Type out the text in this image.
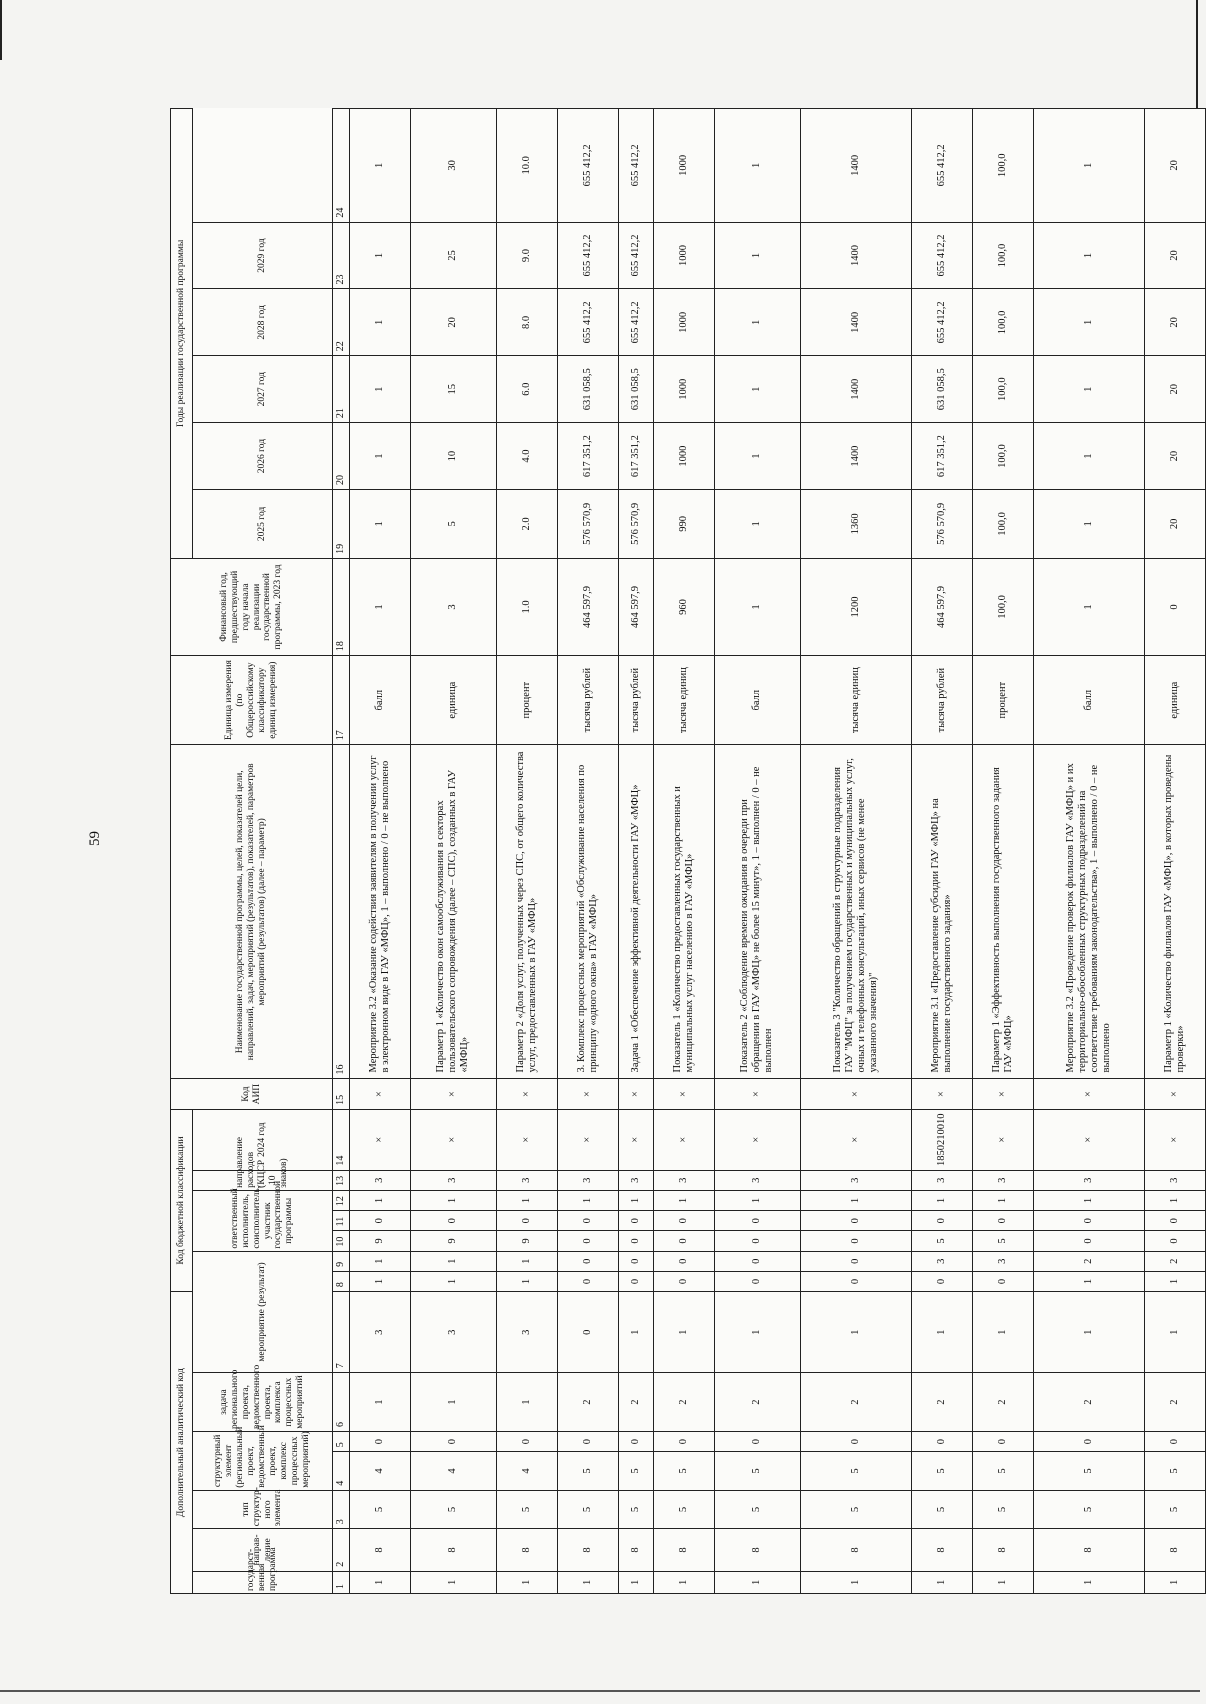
59
Дополнительный аналитический код							Код бюджетной классификации							Код АИП	Наименование государственной программы, целей, показателей цели, направлений, задач, мероприятий (результатов), показателей, параметров мероприятий (результатов) (далее – параметр)	Единица измерения (по Общероссийскому классификатору единиц измерения)	Финансовый год, предшествующий году начала реализации государственной программы, 2023 год	Годы реализации государственной программы					
государст-венная программа	направ-ление	тип структур-ного элемента	структурный элемент (региональный проект, ведомственный проект, комплекс процессных мероприятий)		задача регионального проекта, ведомственного проекта, комплекса процессных мероприятий	мероприятие (результат)			ответственный исполнитель, соисполнитель, участник государственной программы			направление расходов (КЦСР 10 знаков)	2024 год					2025 год	2026 год	2027 год	2028 год	2029 год	

1	2	3	4	5	6	7	8	9	10	11	12	13	14	15	16	17	18	19	20	21	22	23	24
1	8	5	4	0	1	3	1	1	9	0	1	3	×	×	Мероприятие 3.2 «Оказание содействия заявителям в получении услуг в электронном виде в ГАУ «МФЦ», 1 – выполнено / 0 – не выполнено	балл	1	1	1	1	1	1	1
1	8	5	4	0	1	3	1	1	9	0	1	3	×	×	Параметр 1 «Количество окон самообслуживания в секторах пользовательского сопровождения (далее – СПС), созданных в ГАУ «МФЦ»	единица	3	5	10	15	20	25	30
1	8	5	4	0	1	3	1	1	9	0	1	3	×	×	Параметр 2 «Доля услуг, полученных через СПС, от общего количества услуг, предоставленных в ГАУ «МФЦ»	процент	1.0	2.0	4.0	6.0	8.0	9.0	10.0
1	8	5	5	0	2	0	0	0	0	0	1	3	×	×	3. Комплекс процессных мероприятий «Обслуживание населения по принципу «одного окна» в ГАУ «МФЦ»	тысяча рублей	464 597,9	576 570,9	617 351,2	631 058,5	655 412,2	655 412,2	655 412,2
1	8	5	5	0	2	1	0	0	0	0	1	3	×	×	Задача 1 «Обеспечение эффективной деятельности ГАУ «МФЦ»	тысяча рублей	464 597,9	576 570,9	617 351,2	631 058,5	655 412,2	655 412,2	655 412,2
1	8	5	5	0	2	1	0	0	0	0	1	3	×	×	Показатель 1 «Количество предоставленных государственных и муниципальных услуг населению в ГАУ «МФЦ»	тысяча единиц	960	990	1000	1000	1000	1000	1000
1	8	5	5	0	2	1	0	0	0	0	1	3	×	×	Показатель 2 «Соблюдение времени ожидания в очереди при обращении в ГАУ «МФЦ» не более 15 минут», 1 – выполнен / 0 – не выполнен	балл	1	1	1	1	1	1	1
1	8	5	5	0	2	1	0	0	0	0	1	3	×	×	Показатель 3 "Количество обращений в структурные подразделения ГАУ "МФЦ" за получением государственных и муниципальных услуг, очных и телефонных консультаций, иных сервисов (не менее указанного значения)"	тысяча единиц	1200	1360	1400	1400	1400	1400	1400
1	8	5	5	0	2	1	0	3	5	0	1	3	1850210010	×	Мероприятие 3.1 «Предоставление субсидии ГАУ «МФЦ» на выполнение государственного задания»	тысяча рублей	464 597,9	576 570,9	617 351,2	631 058,5	655 412,2	655 412,2	655 412,2
1	8	5	5	0	2	1	0	3	5	0	1	3	×	×	Параметр 1 «Эффективность выполнения государственного задания ГАУ «МФЦ»	процент	100,0	100,0	100,0	100,0	100,0	100,0	100,0
1	8	5	5	0	2	1	1	2	0	0	1	3	×	×	Мероприятие 3.2 «Проведение проверок филиалов ГАУ «МФЦ» и их территориально-обособленных структурных подразделений на соответствие требованиям законодательства», 1 – выполнено / 0 – не выполнено	балл	1	1	1	1	1	1	1
1	8	5	5	0	2	1	1	2	0	0	1	3	×	×	Параметр 1 «Количество филиалов ГАУ «МФЦ», в которых проведены проверки»	единица	0	20	20	20	20	20	20
